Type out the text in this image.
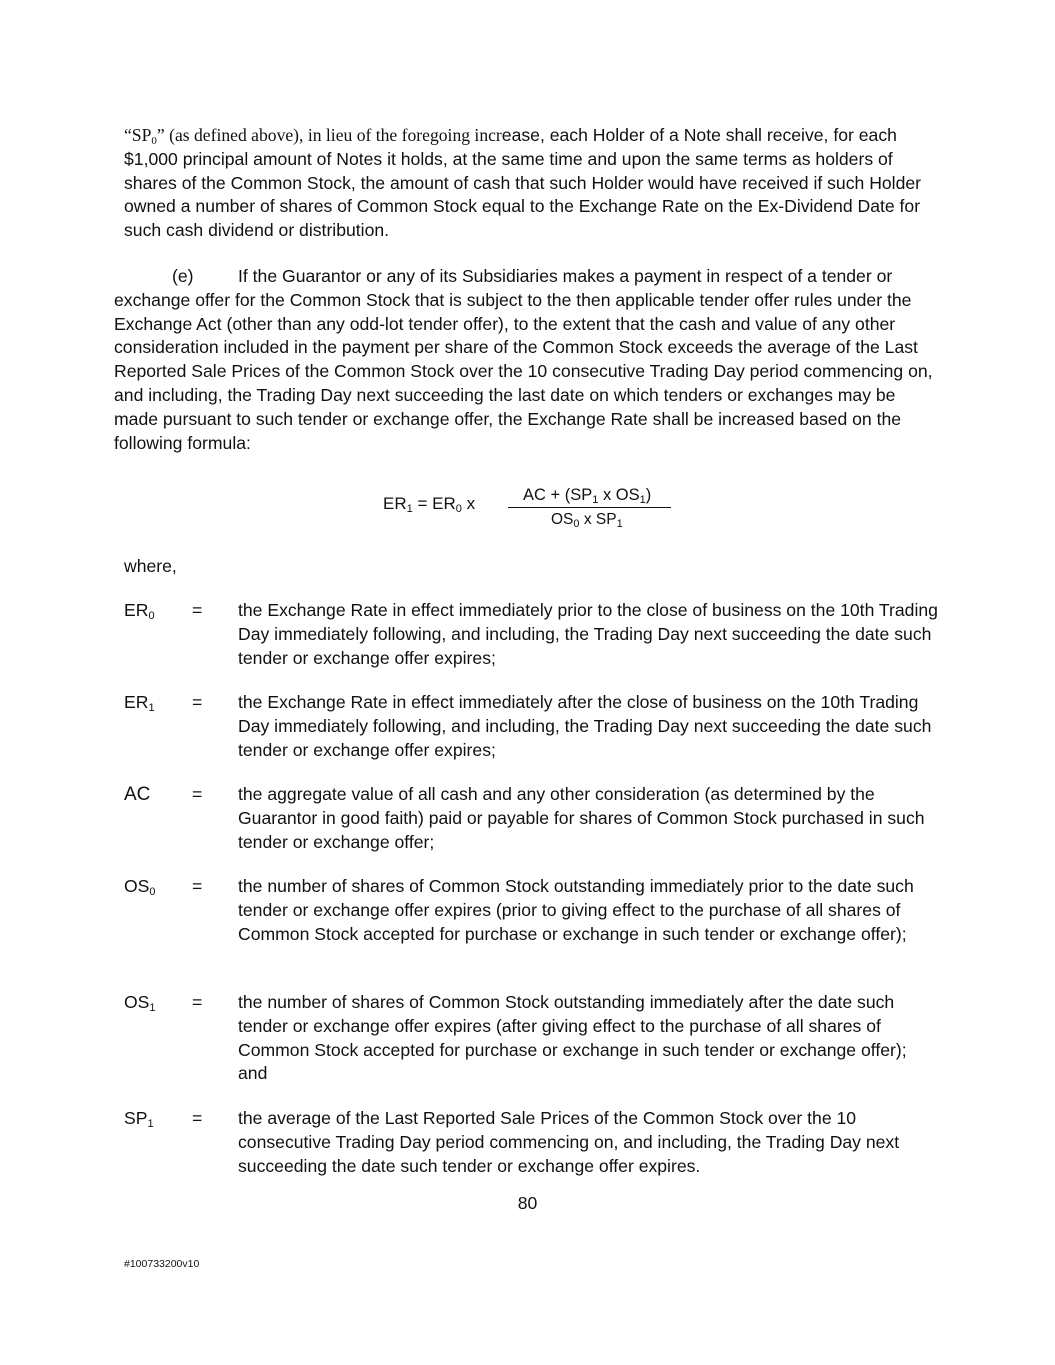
“$SP_0$” (as defined above), in lieu of the foregoing increase, each Holder of a Note shall receive, for each $1,000 principal amount of Notes it holds, at the same time and upon the same terms as holders of shares of the Common Stock, the amount of cash that such Holder would have received if such Holder owned a number of shares of Common Stock equal to the Exchange Rate on the Ex-Dividend Date for such cash dividend or distribution.
(e)	If the Guarantor or any of its Subsidiaries makes a payment in respect of a tender or exchange offer for the Common Stock that is subject to the then applicable tender offer rules under the Exchange Act (other than any odd-lot tender offer), to the extent that the cash and value of any other consideration included in the payment per share of the Common Stock exceeds the average of the Last Reported Sale Prices of the Common Stock over the 10 consecutive Trading Day period commencing on, and including, the Trading Day next succeeding the last date on which tenders or exchanges may be made pursuant to such tender or exchange offer, the Exchange Rate shall be increased based on the following formula:
$ER_1 = ER_0$ x	AC + ($SP_1$ x $OS_1$)
$OS_0$ x $SP_1$
where,
$ER_0$ = the Exchange Rate in effect immediately prior to the close of business on the 10th Trading Day immediately following, and including, the Trading Day next succeeding the date such tender or exchange offer expires;
$ER_1$ = the Exchange Rate in effect immediately after the close of business on the 10th Trading Day immediately following, and including, the Trading Day next succeeding the date such tender or exchange offer expires;
AC = the aggregate value of all cash and any other consideration (as determined by the Guarantor in good faith) paid or payable for shares of Common Stock purchased in such tender or exchange offer;
$OS_0$ = the number of shares of Common Stock outstanding immediately prior to the date such tender or exchange offer expires (prior to giving effect to the purchase of all shares of Common Stock accepted for purchase or exchange in such tender or exchange offer);
$OS_1$ = the number of shares of Common Stock outstanding immediately after the date such tender or exchange offer expires (after giving effect to the purchase of all shares of Common Stock accepted for purchase or exchange in such tender or exchange offer); and
$SP_1$ = the average of the Last Reported Sale Prices of the Common Stock over the 10 consecutive Trading Day period commencing on, and including, the Trading Day next succeeding the date such tender or exchange offer expires.
80
#100733200v10
